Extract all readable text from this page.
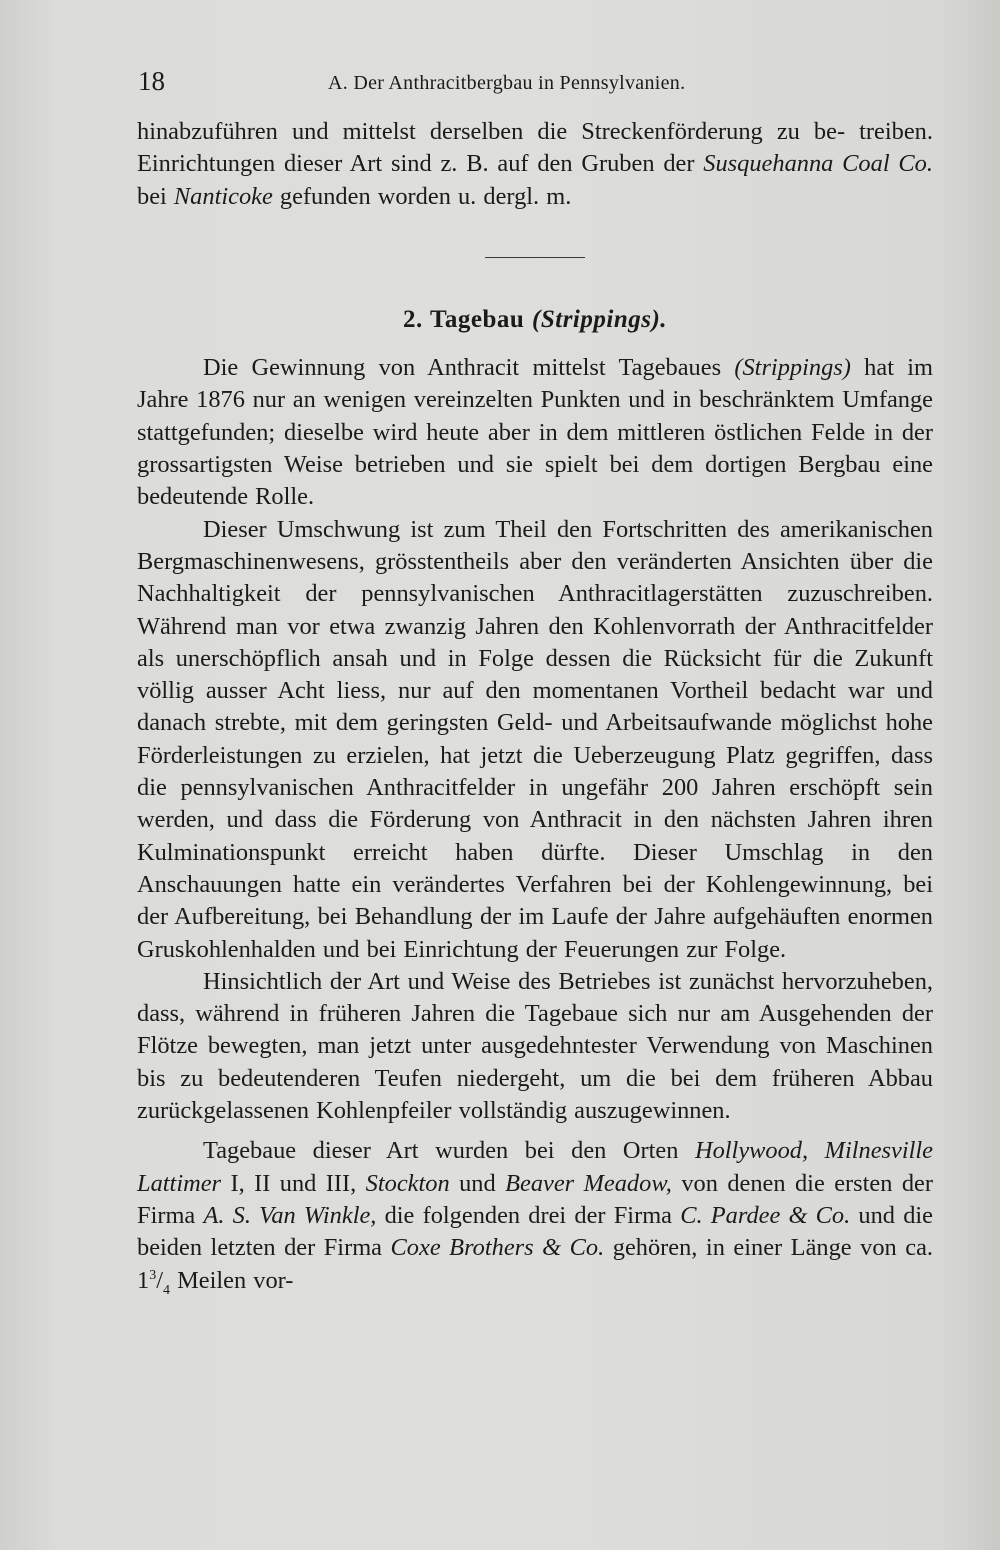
18	A. Der Anthracitbergbau in Pennsylvanien.

hinabzuführen und mittelst derselben die Streckenförderung zu be- treiben. Einrichtungen dieser Art sind z. B. auf den Gruben der Susquehanna Coal Co. bei Nanticoke gefunden worden u. dergl. m.

2. Tagebau (Strippings).

Die Gewinnung von Anthracit mittelst Tagebaues (Strippings) hat im Jahre 1876 nur an wenigen vereinzelten Punkten und in beschränktem Umfange stattgefunden; dieselbe wird heute aber in dem mittleren östlichen Felde in der grossartigsten Weise betrieben und sie spielt bei dem dortigen Bergbau eine bedeutende Rolle.

Dieser Umschwung ist zum Theil den Fortschritten des amerikanischen Bergmaschinenwesens, grösstentheils aber den veränderten Ansichten über die Nachhaltigkeit der pennsylvanischen Anthracitlagerstätten zuzuschreiben. Während man vor etwa zwanzig Jahren den Kohlenvorrath der Anthracitfelder als unerschöpflich ansah und in Folge dessen die Rücksicht für die Zukunft völlig ausser Acht liess, nur auf den momentanen Vortheil bedacht war und danach strebte, mit dem geringsten Geld- und Arbeitsaufwande möglichst hohe Förderleistungen zu erzielen, hat jetzt die Ueberzeugung Platz gegriffen, dass die pennsylvanischen Anthracitfelder in ungefähr 200 Jahren erschöpft sein werden, und dass die Förderung von Anthracit in den nächsten Jahren ihren Kulminationspunkt erreicht haben dürfte. Dieser Umschlag in den Anschauungen hatte ein verändertes Verfahren bei der Kohlengewinnung, bei der Aufbereitung, bei Behandlung der im Laufe der Jahre aufgehäuften enormen Gruskohlenhalden und bei Einrichtung der Feuerungen zur Folge.

Hinsichtlich der Art und Weise des Betriebes ist zunächst hervorzuheben, dass, während in früheren Jahren die Tagebaue sich nur am Ausgehenden der Flötze bewegten, man jetzt unter ausgedehntester Verwendung von Maschinen bis zu bedeutenderen Teufen niedergeht, um die bei dem früheren Abbau zurückgelassenen Kohlenpfeiler vollständig auszugewinnen.

Tagebaue dieser Art wurden bei den Orten Hollywood, Milnesville Lattimer I, II und III, Stockton und Beaver Meadow, von denen die ersten der Firma A. S. Van Winkle, die folgenden drei der Firma C. Pardee & Co. und die beiden letzten der Firma Coxe Brothers & Co. gehören, in einer Länge von ca. $1^3/_4$ Meilen vor-
